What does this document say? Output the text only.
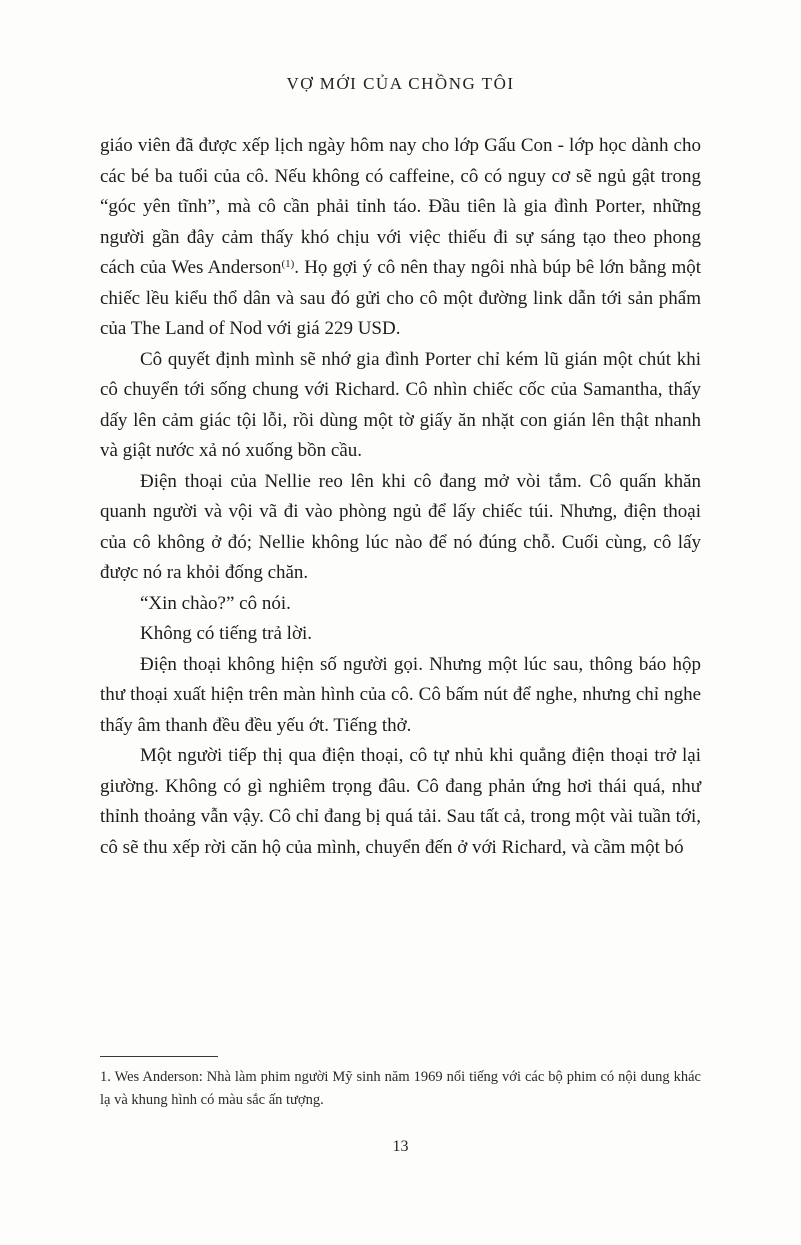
VỢ MỚI CỦA CHỒNG TÔI

giáo viên đã được xếp lịch ngày hôm nay cho lớp Gấu Con - lớp học dành cho các bé ba tuổi của cô. Nếu không có caffeine, cô có nguy cơ sẽ ngủ gật trong “góc yên tĩnh”, mà cô cần phải tỉnh táo. Đầu tiên là gia đình Porter, những người gần đây cảm thấy khó chịu với việc thiếu đi sự sáng tạo theo phong cách của Wes Anderson$^{(1)}$. Họ gợi ý cô nên thay ngôi nhà búp bê lớn bằng một chiếc lều kiểu thổ dân và sau đó gửi cho cô một đường link dẫn tới sản phẩm của The Land of Nod với giá 229 USD.

Cô quyết định mình sẽ nhớ gia đình Porter chỉ kém lũ gián một chút khi cô chuyển tới sống chung với Richard. Cô nhìn chiếc cốc của Samantha, thấy dấy lên cảm giác tội lỗi, rồi dùng một tờ giấy ăn nhặt con gián lên thật nhanh và giật nước xả nó xuống bồn cầu.

Điện thoại của Nellie reo lên khi cô đang mở vòi tắm. Cô quấn khăn quanh người và vội vã đi vào phòng ngủ để lấy chiếc túi. Nhưng, điện thoại của cô không ở đó; Nellie không lúc nào để nó đúng chỗ. Cuối cùng, cô lấy được nó ra khỏi đống chăn.

“Xin chào?” cô nói.

Không có tiếng trả lời.

Điện thoại không hiện số người gọi. Nhưng một lúc sau, thông báo hộp thư thoại xuất hiện trên màn hình của cô. Cô bấm nút để nghe, nhưng chỉ nghe thấy âm thanh đều đều yếu ớt. Tiếng thở.

Một người tiếp thị qua điện thoại, cô tự nhủ khi quẳng điện thoại trở lại giường. Không có gì nghiêm trọng đâu. Cô đang phản ứng hơi thái quá, như thỉnh thoảng vẫn vậy. Cô chỉ đang bị quá tải. Sau tất cả, trong một vài tuần tới, cô sẽ thu xếp rời căn hộ của mình, chuyển đến ở với Richard, và cầm một bó

1. Wes Anderson: Nhà làm phim người Mỹ sinh năm 1969 nổi tiếng với các bộ phim có nội dung khác lạ và khung hình có màu sắc ấn tượng.
13
